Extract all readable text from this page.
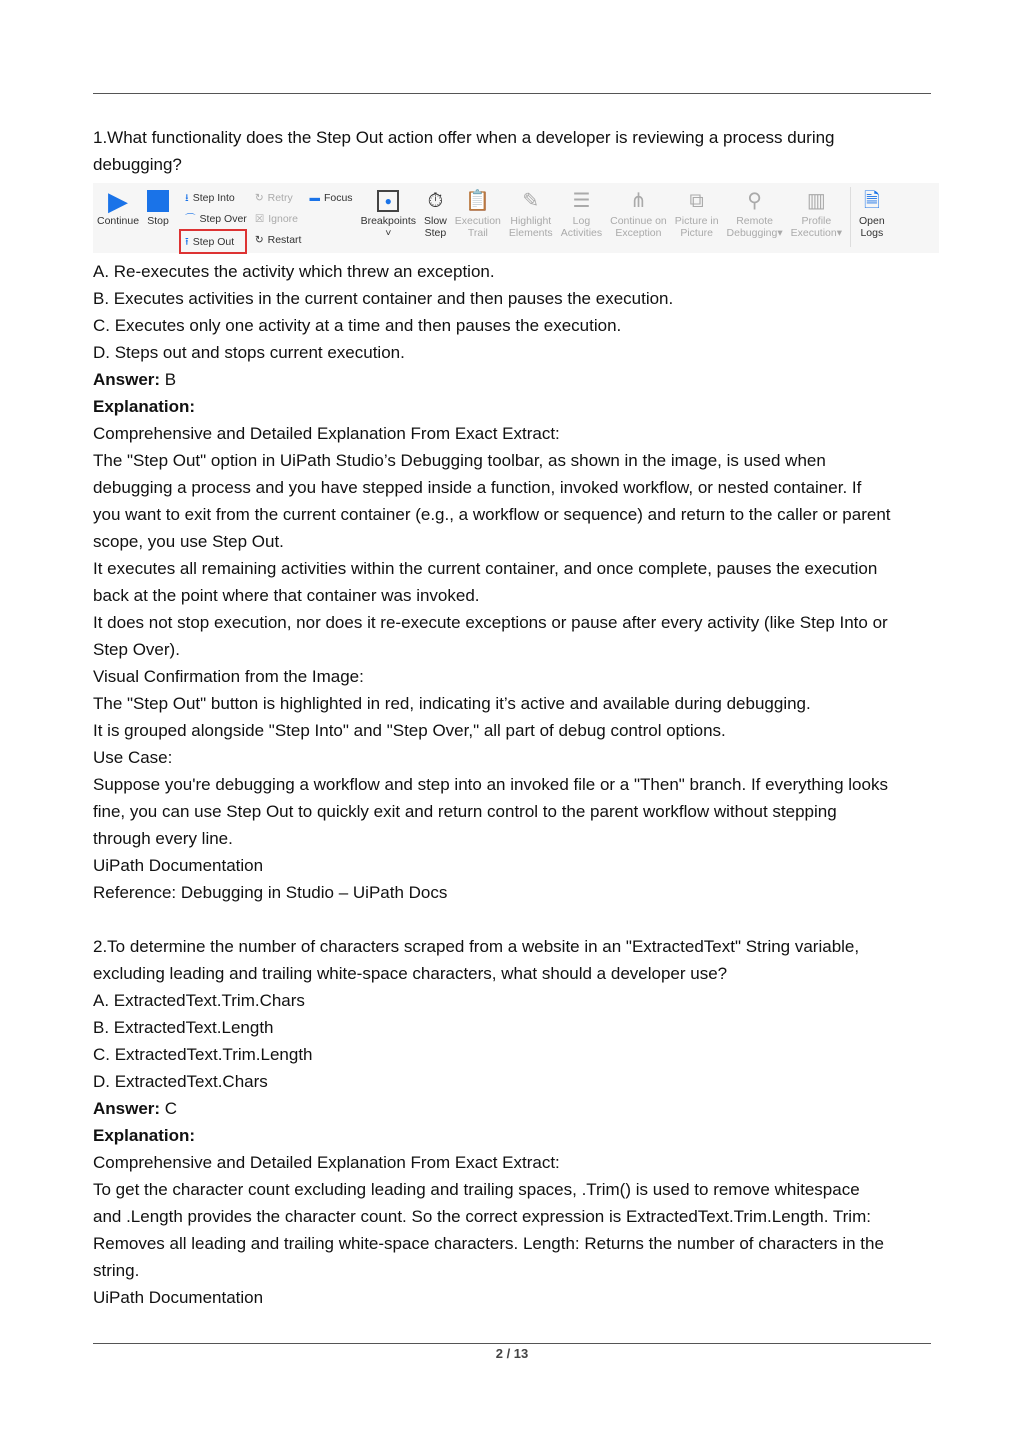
1.What functionality does the Step Out action offer when a developer is reviewing a process during

debugging?

▶
Continue Stop
⭳ Step Into
⌒ Step Over
⭱ Step Out
↻ Retry
☒ Ignore
↻ Restart
▬ Focus	●
Breakpoints
˅
⏱
Slow
Step
📋
Execution
Trail
✎
Highlight
Elements
☰
Log
Activities
⋔
Continue on
Exception
⧉
Picture in
Picture
⚲
Remote
Debugging▾
▥
Profile
Execution▾
🗎
Open
Logs

A. Re-executes the activity which threw an exception.

B. Executes activities in the current container and then pauses the execution.

C. Executes only one activity at a time and then pauses the execution.

D. Steps out and stops current execution.

Answer: B

Explanation:

Comprehensive and Detailed Explanation From Exact Extract:

The "Step Out" option in UiPath Studio’s Debugging toolbar, as shown in the image, is used when

debugging a process and you have stepped inside a function, invoked workflow, or nested container. If

you want to exit from the current container (e.g., a workflow or sequence) and return to the caller or parent

scope, you use Step Out.

It executes all remaining activities within the current container, and once complete, pauses the execution

back at the point where that container was invoked.

It does not stop execution, nor does it re-execute exceptions or pause after every activity (like Step Into or

Step Over).

Visual Confirmation from the Image:

The "Step Out" button is highlighted in red, indicating it’s active and available during debugging.

It is grouped alongside "Step Into" and "Step Over," all part of debug control options.

Use Case:

Suppose you're debugging a workflow and step into an invoked file or a "Then" branch. If everything looks

fine, you can use Step Out to quickly exit and return control to the parent workflow without stepping

through every line.

UiPath Documentation

Reference: Debugging in Studio – UiPath Docs

2.To determine the number of characters scraped from a website in an "ExtractedText" String variable,

excluding leading and trailing white-space characters, what should a developer use?

A. ExtractedText.Trim.Chars

B. ExtractedText.Length

C. ExtractedText.Trim.Length

D. ExtractedText.Chars

Answer: C

Explanation:

Comprehensive and Detailed Explanation From Exact Extract:

To get the character count excluding leading and trailing spaces, .Trim() is used to remove whitespace

and .Length provides the character count. So the correct expression is ExtractedText.Trim.Length. Trim:

Removes all leading and trailing white-space characters. Length: Returns the number of characters in the

string.

UiPath Documentation

2 / 13
